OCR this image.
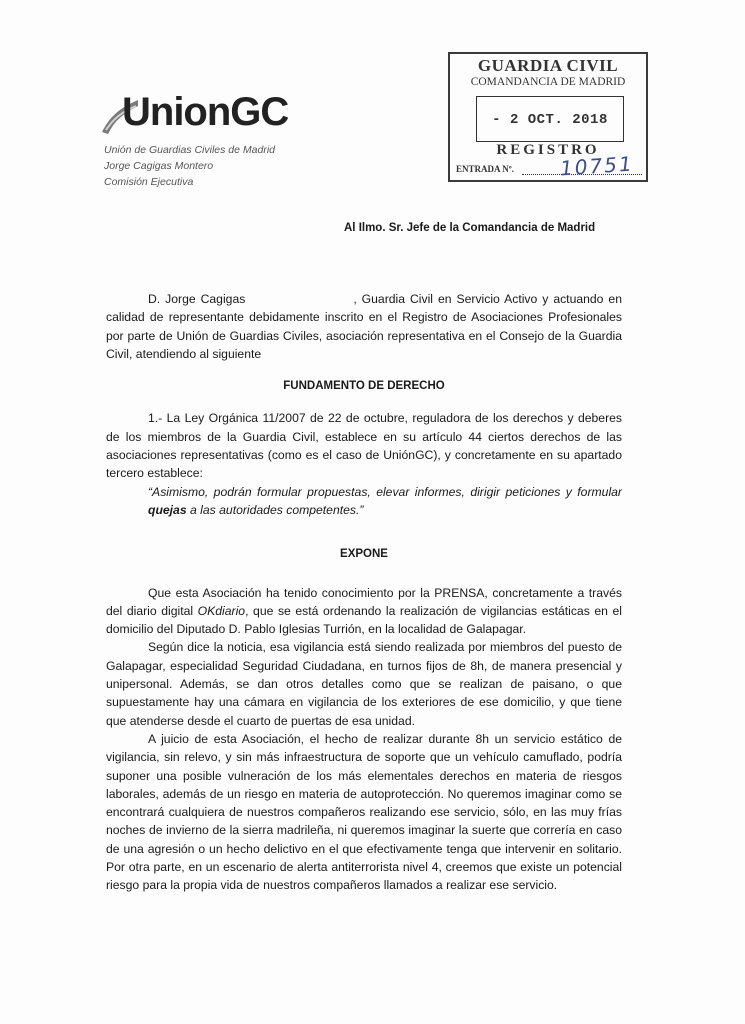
UnionGC
Unión de Guardias Civiles de Madrid
Jorge Cagigas Montero
Comisión Ejecutiva
GUARDIA CIVIL
COMANDANCIA DE MADRID
- 2 OCT. 2018
REGISTRO
ENTRADA Nº. 10751
Al Ilmo. Sr. Jefe de la Comandancia de Madrid

D. Jorge Cagigas	, Guardia Civil en Servicio Activo y actuando en calidad de representante debidamente inscrito en el Registro de Asociaciones Profesionales por parte de Unión de Guardias Civiles, asociación representativa en el Consejo de la Guardia Civil, atendiendo al siguiente

FUNDAMENTO DE DERECHO

1.- La Ley Orgánica 11/2007 de 22 de octubre, reguladora de los derechos y deberes de los miembros de la Guardia Civil, establece en su artículo 44 ciertos derechos de las asociaciones representativas (como es el caso de UniónGC), y concretamente en su apartado tercero establece:

“Asimismo, podrán formular propuestas, elevar informes, dirigir peticiones y formular quejas a las autoridades competentes.”

EXPONE

Que esta Asociación ha tenido conocimiento por la PRENSA, concretamente a través del diario digital OKdiario, que se está ordenando la realización de vigilancias estáticas en el domicilio del Diputado D. Pablo Iglesias Turrión, en la localidad de Galapagar.

Según dice la noticia, esa vigilancia está siendo realizada por miembros del puesto de Galapagar, especialidad Seguridad Ciudadana, en turnos fijos de 8h, de manera presencial y unipersonal. Además, se dan otros detalles como que se realizan de paisano, o que supuestamente hay una cámara en vigilancia de los exteriores de ese domicilio, y que tiene que atenderse desde el cuarto de puertas de esa unidad.

A juicio de esta Asociación, el hecho de realizar durante 8h un servicio estático de vigilancia, sin relevo, y sin más infraestructura de soporte que un vehículo camuflado, podría suponer una posible vulneración de los más elementales derechos en materia de riesgos laborales, además de un riesgo en materia de autoprotección. No queremos imaginar como se encontrará cualquiera de nuestros compañeros realizando ese servicio, sólo, en las muy frías noches de invierno de la sierra madrileña, ni queremos imaginar la suerte que correría en caso de una agresión o un hecho delictivo en el que efectivamente tenga que intervenir en solitario. Por otra parte, en un escenario de alerta antiterrorista nivel 4, creemos que existe un potencial riesgo para la propia vida de nuestros compañeros llamados a realizar ese servicio.
